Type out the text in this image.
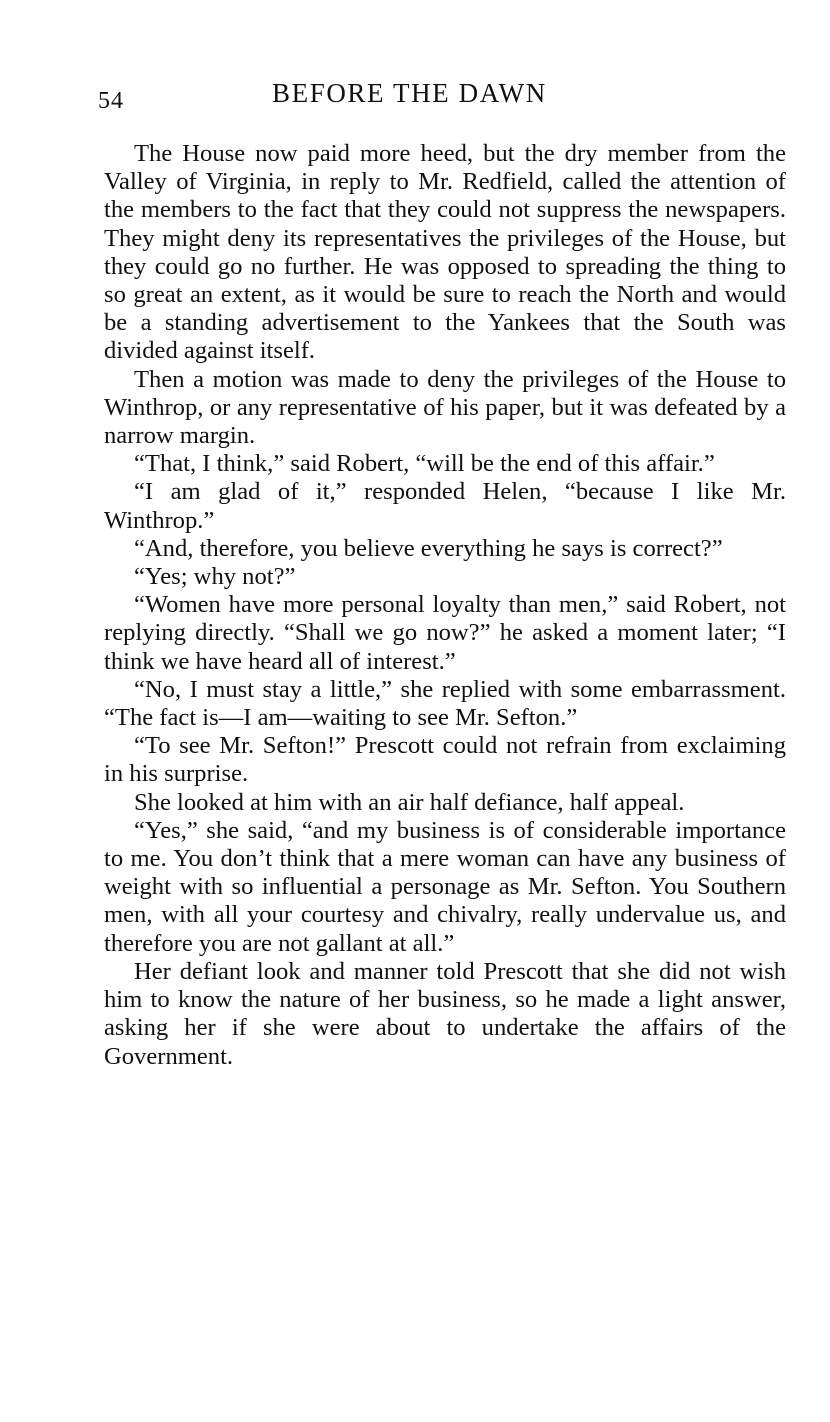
54	BEFORE THE DAWN

The House now paid more heed, but the dry member from the Valley of Virginia, in reply to Mr. Redfield, called the attention of the members to the fact that they could not suppress the newspapers. They might deny its representatives the privileges of the House, but they could go no further. He was opposed to spreading the thing to so great an extent, as it would be sure to reach the North and would be a standing advertisement to the Yankees that the South was divided against itself.

Then a motion was made to deny the privileges of the House to Winthrop, or any representative of his paper, but it was defeated by a narrow margin.

“That, I think,” said Robert, “will be the end of this affair.”

“I am glad of it,” responded Helen, “because I like Mr. Winthrop.”

“And, therefore, you believe everything he says is correct?”

“Yes; why not?”

“Women have more personal loyalty than men,” said Robert, not replying directly. “Shall we go now?” he asked a moment later; “I think we have heard all of interest.”

“No, I must stay a little,” she replied with some embarrassment. “The fact is—I am—waiting to see Mr. Sefton.”

“To see Mr. Sefton!” Prescott could not refrain from exclaiming in his surprise.

She looked at him with an air half defiance, half appeal.

“Yes,” she said, “and my business is of considerable importance to me. You don’t think that a mere woman can have any business of weight with so influential a personage as Mr. Sefton. You Southern men, with all your courtesy and chivalry, really undervalue us, and therefore you are not gallant at all.”

Her defiant look and manner told Prescott that she did not wish him to know the nature of her business, so he made a light answer, asking her if she were about to undertake the affairs of the Government.
